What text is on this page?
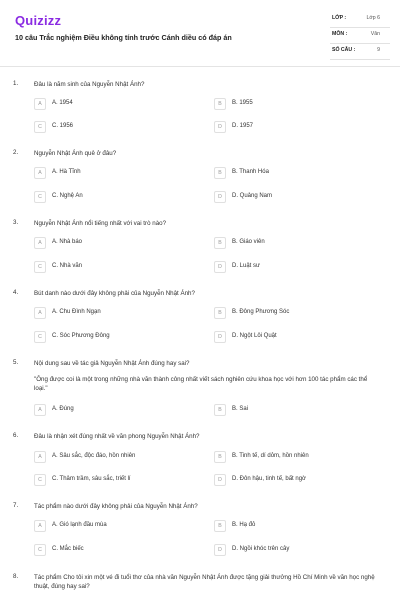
Quizizz
10 câu Trắc nghiệm Điều không tính trước Cánh diều có đáp án
LỚP :	Lớp 6
MÔN :	Văn
SỐ CÂU :	9
1.	Đâu là năm sinh của Nguyễn Nhật Ánh?
A	A. 1954	B	B. 1955
C	C. 1956	D	D. 1957
2.	Nguyễn Nhật Ánh quê ở đâu?
A	A. Hà Tĩnh	B	B. Thanh Hóa
C	C. Nghệ An	D	D. Quảng Nam
3.	Nguyễn Nhật Ánh nổi tiếng nhất với vai trò nào?
A	A. Nhà báo	B	B. Giáo viên
C	C. Nhà văn	D	D. Luật sư
4.	Bút danh nào dưới đây không phải của Nguyễn Nhật Ánh?
A	A. Chu Đình Ngạn	B	B. Đông Phương Sóc
C	C. Sóc Phương Đông	D	D. Ngột Lôi Quật
5.	Nội dung sau về tác giả Nguyễn Nhật Ánh đúng hay sai?
"Ông được coi là một trong những nhà văn thành công nhất viết sách nghiên cứu khoa học với hơn 100 tác phẩm các thể loại."
A	A. Đúng	B	B. Sai
6.	Đâu là nhận xét đúng nhất về văn phong Nguyễn Nhật Ánh?
A	A. Sâu sắc, độc đáo, hồn nhiên	B	B. Tinh tế, dí dỏm, hồn nhiên
C	C. Thâm trầm, sâu sắc, triết lí	D	D. Đôn hậu, tinh tế, bất ngờ
7.	Tác phẩm nào dưới đây không phải của Nguyễn Nhật Ánh?
A	A. Gió lạnh đầu mùa	B	B. Hạ đỏ
C	C. Mắc biếc	D	D. Ngồi khóc trên cây
8.	Tác phẩm Cho tôi xin một vé đi tuổi thơ của nhà văn Nguyễn Nhật Ánh được tặng giải thưởng Hồ Chí Minh về văn học nghệ thuật, đúng hay sai?
